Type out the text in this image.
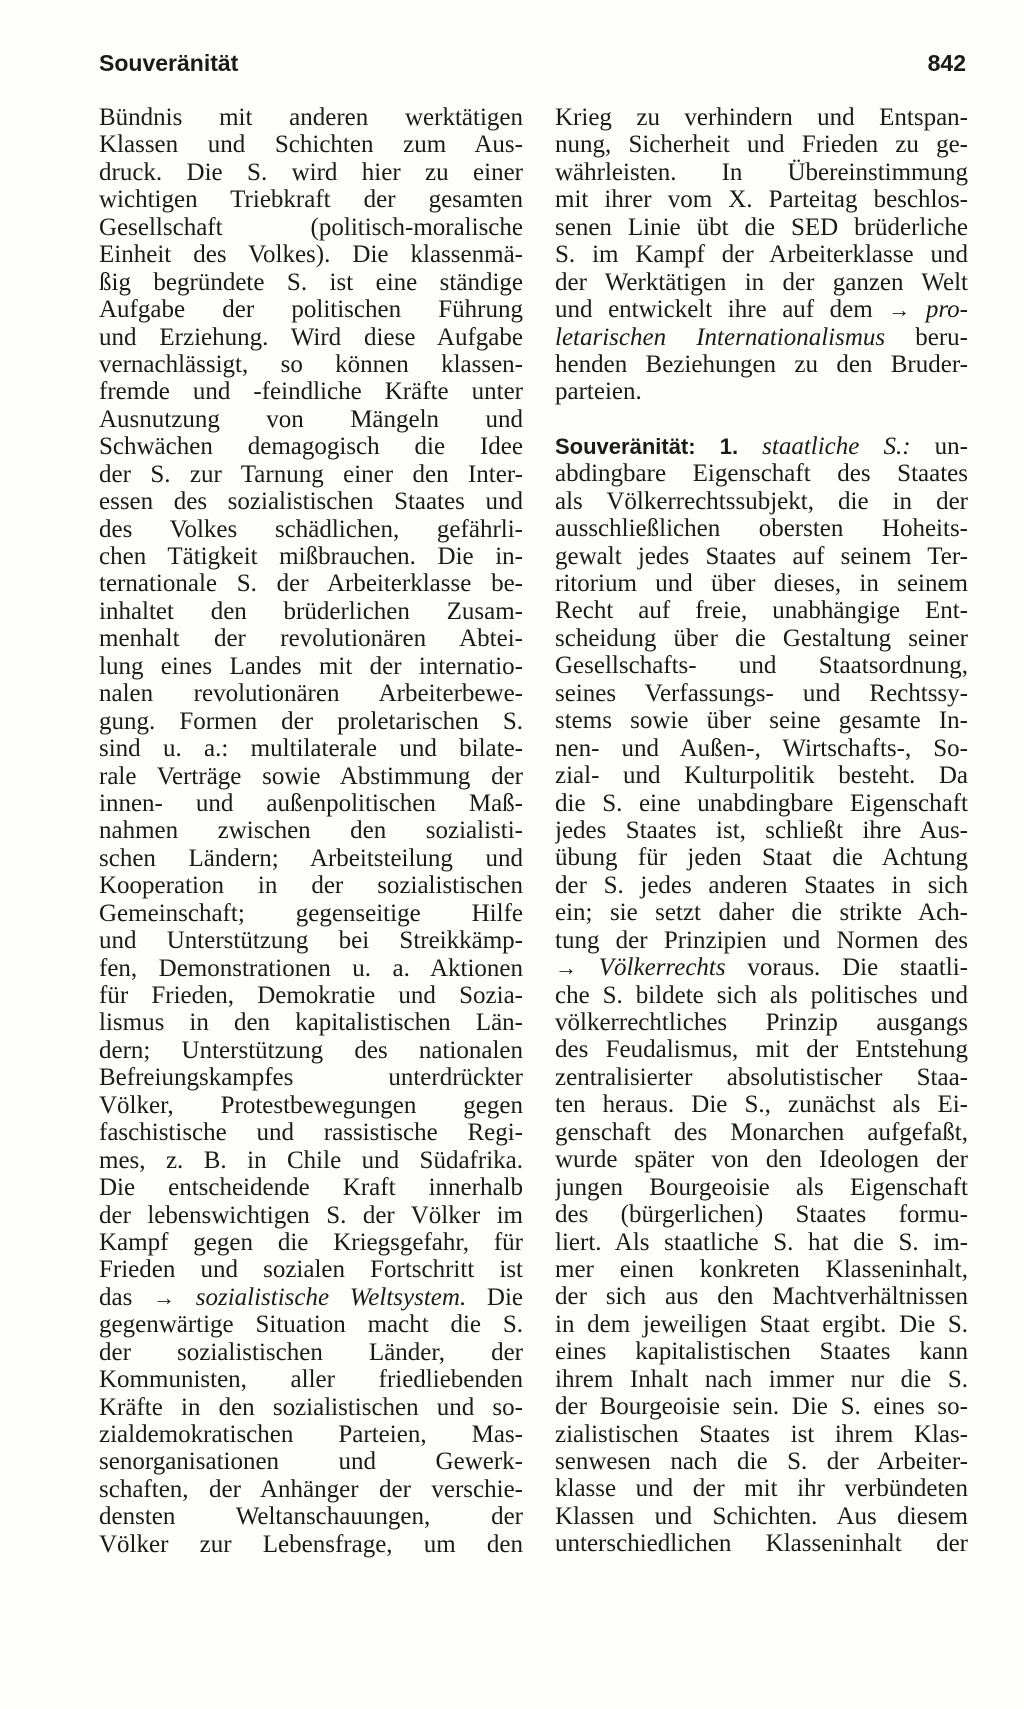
Souveränität	842
Bündnis mit anderen werktätigen
Klassen und Schichten zum Aus-
druck. Die S. wird hier zu einer
wichtigen Triebkraft der gesamten
Gesellschaft (politisch-moralische
Einheit des Volkes). Die klassenmä-
ßig begründete S. ist eine ständige
Aufgabe der politischen Führung
und Erziehung. Wird diese Aufgabe
vernachlässigt, so können klassen-
fremde und -feindliche Kräfte unter
Ausnutzung von Mängeln und
Schwächen demagogisch die Idee
der S. zur Tarnung einer den Inter-
essen des sozialistischen Staates und
des Volkes schädlichen, gefährli-
chen Tätigkeit mißbrauchen. Die in-
ternationale S. der Arbeiterklasse be-
inhaltet den brüderlichen Zusam-
menhalt der revolutionären Abtei-
lung eines Landes mit der internatio-
nalen revolutionären Arbeiterbewe-
gung. Formen der proletarischen S.
sind u. a.: multilaterale und bilate-
rale Verträge sowie Abstimmung der
innen- und außenpolitischen Maß-
nahmen zwischen den sozialisti-
schen Ländern; Arbeitsteilung und
Kooperation in der sozialistischen
Gemeinschaft; gegenseitige Hilfe
und Unterstützung bei Streikkämp-
fen, Demonstrationen u. a. Aktionen
für Frieden, Demokratie und Sozia-
lismus in den kapitalistischen Län-
dern; Unterstützung des nationalen
Befreiungskampfes unterdrückter
Völker, Protestbewegungen gegen
faschistische und rassistische Regi-
mes, z. B. in Chile und Südafrika.
Die entscheidende Kraft innerhalb
der lebenswichtigen S. der Völker im
Kampf gegen die Kriegsgefahr, für
Frieden und sozialen Fortschritt ist
das → sozialistische Weltsystem. Die
gegenwärtige Situation macht die S.
der sozialistischen Länder, der
Kommunisten, aller friedliebenden
Kräfte in den sozialistischen und so-
zialdemokratischen Parteien, Mas-
senorganisationen und Gewerk-
schaften, der Anhänger der verschie-
densten Weltanschauungen, der
Völker zur Lebensfrage, um den
Krieg zu verhindern und Entspan-
nung, Sicherheit und Frieden zu ge-
währleisten. In Übereinstimmung
mit ihrer vom X. Parteitag beschlos-
senen Linie übt die SED brüderliche
S. im Kampf der Arbeiterklasse und
der Werktätigen in der ganzen Welt
und entwickelt ihre auf dem → pro-
letarischen Internationalismus beru-
henden Beziehungen zu den Bruder-
parteien.
Souveränität: 1. staatliche S.: un-
abdingbare Eigenschaft des Staates
als Völkerrechtssubjekt, die in der
ausschließlichen obersten Hoheits-
gewalt jedes Staates auf seinem Ter-
ritorium und über dieses, in seinem
Recht auf freie, unabhängige Ent-
scheidung über die Gestaltung seiner
Gesellschafts- und Staatsordnung,
seines Verfassungs- und Rechtssy-
stems sowie über seine gesamte In-
nen- und Außen-, Wirtschafts-, So-
zial- und Kulturpolitik besteht. Da
die S. eine unabdingbare Eigenschaft
jedes Staates ist, schließt ihre Aus-
übung für jeden Staat die Achtung
der S. jedes anderen Staates in sich
ein; sie setzt daher die strikte Ach-
tung der Prinzipien und Normen des
→ Völkerrechts voraus. Die staatli-
che S. bildete sich als politisches und
völkerrechtliches Prinzip ausgangs
des Feudalismus, mit der Entstehung
zentralisierter absolutistischer Staa-
ten heraus. Die S., zunächst als Ei-
genschaft des Monarchen aufgefaßt,
wurde später von den Ideologen der
jungen Bourgeoisie als Eigenschaft
des (bürgerlichen) Staates formu-
liert. Als staatliche S. hat die S. im-
mer einen konkreten Klasseninhalt,
der sich aus den Machtverhältnissen
in dem jeweiligen Staat ergibt. Die S.
eines kapitalistischen Staates kann
ihrem Inhalt nach immer nur die S.
der Bourgeoisie sein. Die S. eines so-
zialistischen Staates ist ihrem Klas-
senwesen nach die S. der Arbeiter-
klasse und der mit ihr verbündeten
Klassen und Schichten. Aus diesem
unterschiedlichen Klasseninhalt der
